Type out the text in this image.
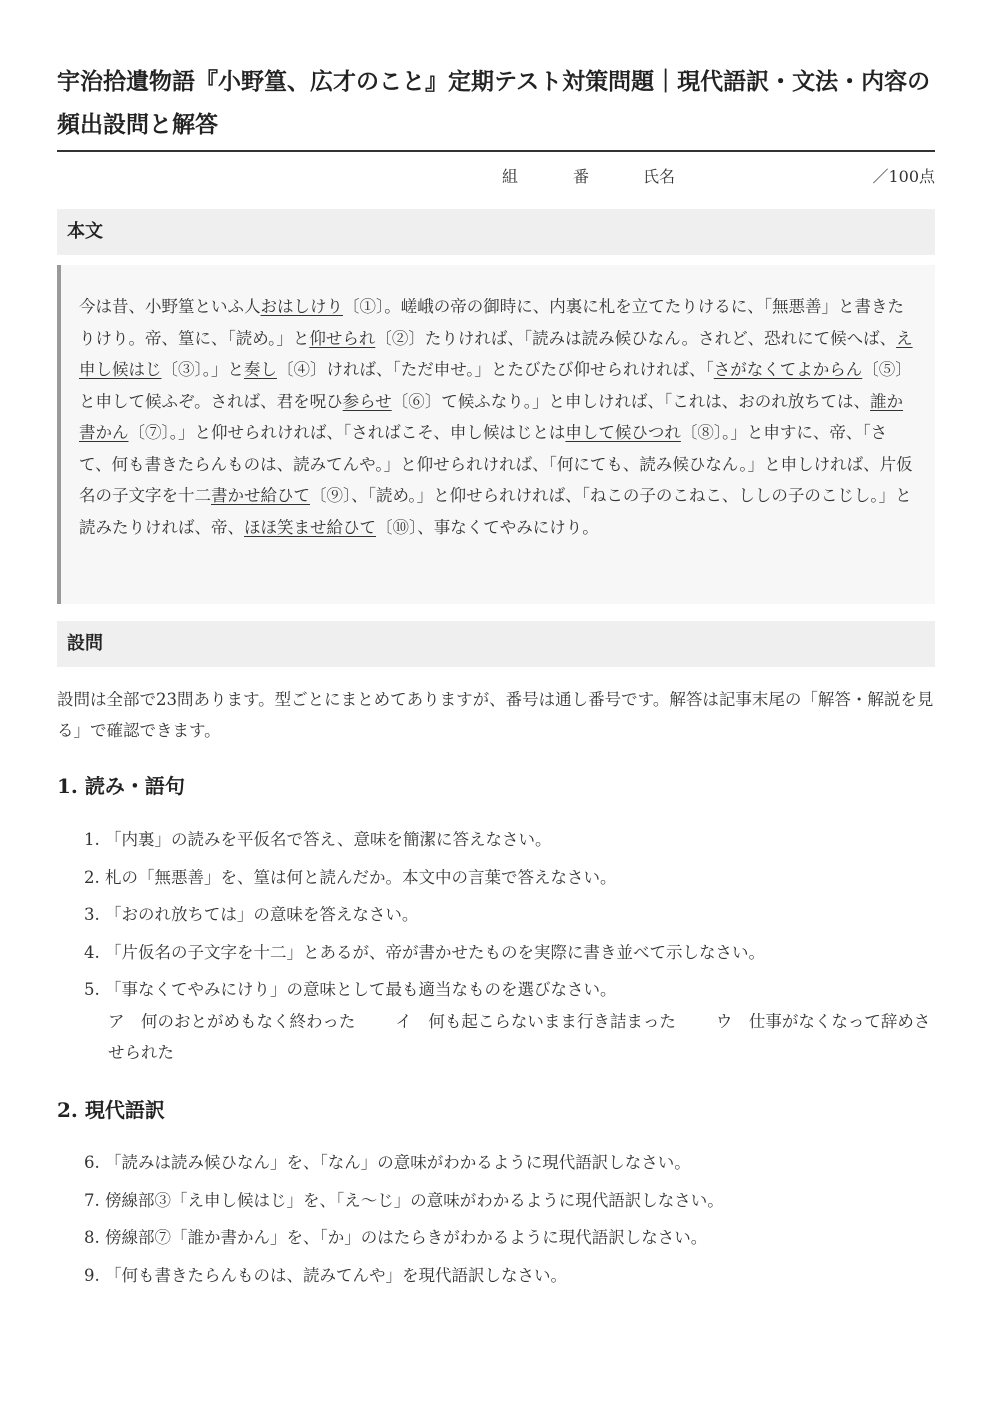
宇治拾遺物語『小野篁、広才のこと』定期テスト対策問題｜現代語訳・文法・内容の頻出設問と解答
組	番	氏名	／100点
本文
今は昔、小野篁といふ人おはしけり〔①〕。嵯峨の帝の御時に、内裏に札を立てたりけるに、「無悪善」と書きたりけり。帝、篁に、「読め。」と仰せられ〔②〕たりければ、「読みは読み候ひなん。されど、恐れにて候へば、え申し候はじ〔③〕。」と奏し〔④〕ければ、「ただ申せ。」とたびたび仰せられければ、「さがなくてよからん〔⑤〕と申して候ふぞ。されば、君を呪ひ参らせ〔⑥〕て候ふなり。」と申しければ、「これは、おのれ放ちては、誰か書かん〔⑦〕。」と仰せられければ、「さればこそ、申し候はじとは申して候ひつれ〔⑧〕。」と申すに、帝、「さて、何も書きたらんものは、読みてんや。」と仰せられければ、「何にても、読み候ひなん。」と申しければ、片仮名の子文字を十二書かせ給ひて〔⑨〕、「読め。」と仰せられければ、「ねこの子のこねこ、ししの子のこじし。」と読みたりければ、帝、ほほ笑ませ給ひて〔⑩〕、事なくてやみにけり。
設問

設問は全部で23問あります。型ごとにまとめてありますが、番号は通し番号です。解答は記事末尾の「解答・解説を見る」で確認できます。

1. 読み・語句
1. 「内裏」の読みを平仮名で答え、意味を簡潔に答えなさい。
2. 札の「無悪善」を、篁は何と読んだか。本文中の言葉で答えなさい。
3. 「おのれ放ちては」の意味を答えなさい。
4. 「片仮名の子文字を十二」とあるが、帝が書かせたものを実際に書き並べて示しなさい。
5. 「事なくてやみにけり」の意味として最も適当なものを選びなさい。
ア　何のおとがめもなく終わった イ　何も起こらないまま行き詰まった ウ　仕事がなくなって辞めさせられた
2. 現代語訳
6. 「読みは読み候ひなん」を、「なん」の意味がわかるように現代語訳しなさい。
7. 傍線部③「え申し候はじ」を、「え〜じ」の意味がわかるように現代語訳しなさい。
8. 傍線部⑦「誰か書かん」を、「か」のはたらきがわかるように現代語訳しなさい。
9. 「何も書きたらんものは、読みてんや」を現代語訳しなさい。
